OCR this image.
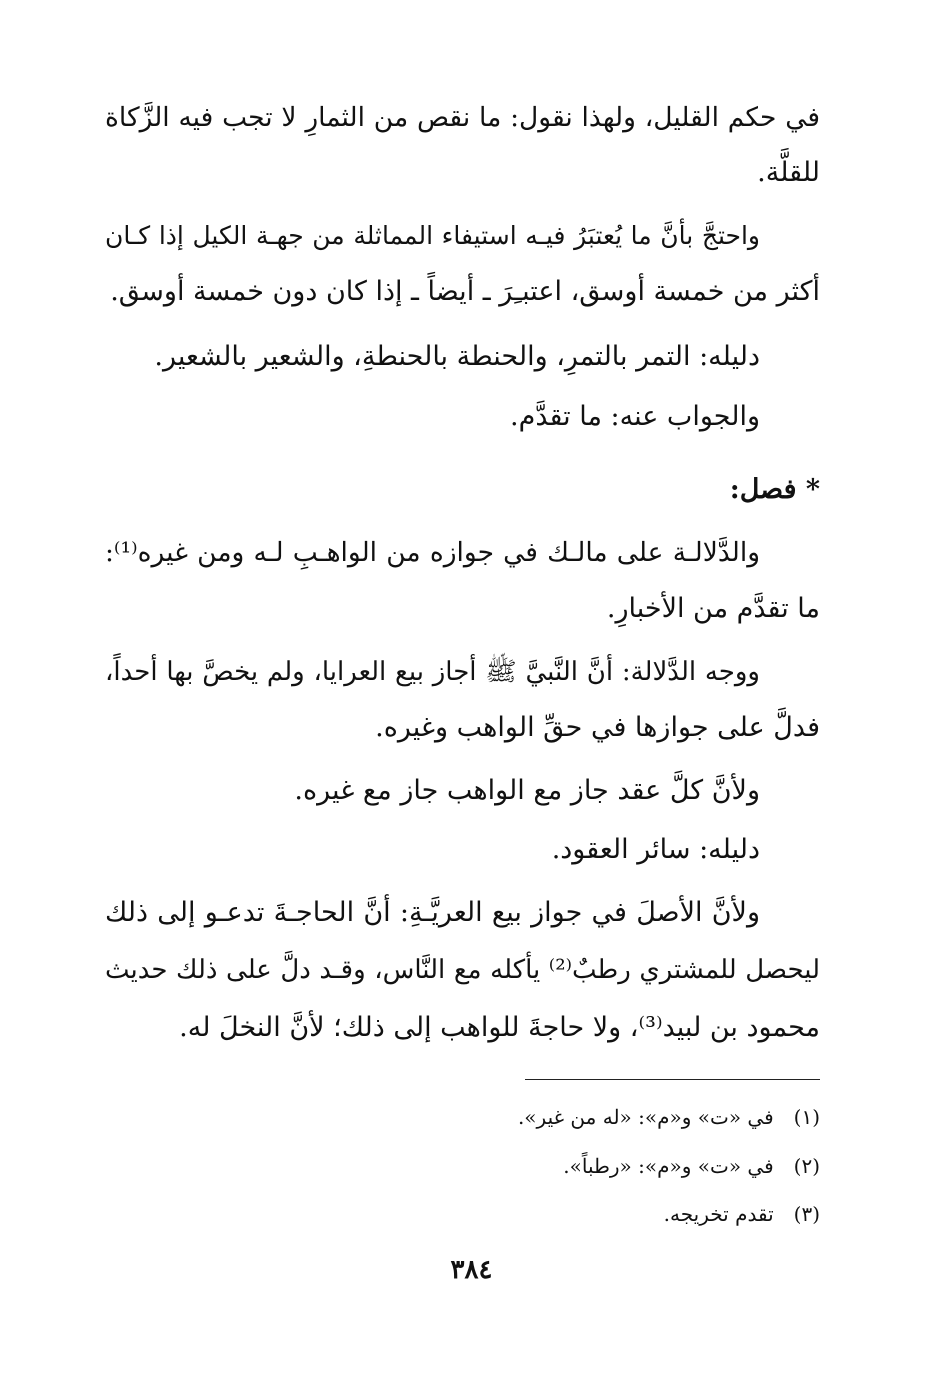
في حكم القليل، ولهذا نقول: ما نقص من الثمارِ لا تجب فيه الزَّكاة
للقلَّة.
واحتجَّ بأنَّ ما يُعتبَرُ فيـه استيفاء المماثلة من جهـة الكيل إذا كـان
أكثر من خمسة أوسق، اعتبـِرَ ـ أيضاً ـ إذا كان دون خمسة أوسق.
دليله: التمر بالتمرِ، والحنطة بالحنطةِ، والشعير بالشعير.
والجواب عنه: ما تقدَّم.
* فصل:
والدَّلالـة على مالـك في جوازه من الواهـبِ لـه ومن غيره⁽¹⁾:
ما تقدَّم من الأخبارِ.
ووجه الدَّلالة: أنَّ النَّبيَّ ﷺ أجاز بيع العرايا، ولم يخصَّ بها أحداً،
فدلَّ على جوازها في حقِّ الواهب وغيره.
ولأنَّ كلَّ عقد جاز مع الواهب جاز مع غيره.
دليله: سائر العقود.
ولأنَّ الأصلَ في جواز بيع العريَّـةِ: أنَّ الحاجـةَ تدعـو إلى ذلك
ليحصل للمشتري رطبٌ⁽²⁾ يأكله مع النَّاس، وقـد دلَّ على ذلك حديث
محمود بن لبيد⁽³⁾، ولا حاجةَ للواهب إلى ذلك؛ لأنَّ النخلَ له.
(١) في «ت» و«م»: «له من غير».
(٢) في «ت» و«م»: «رطباً».
(٣) تقدم تخريجه.
٣٨٤
